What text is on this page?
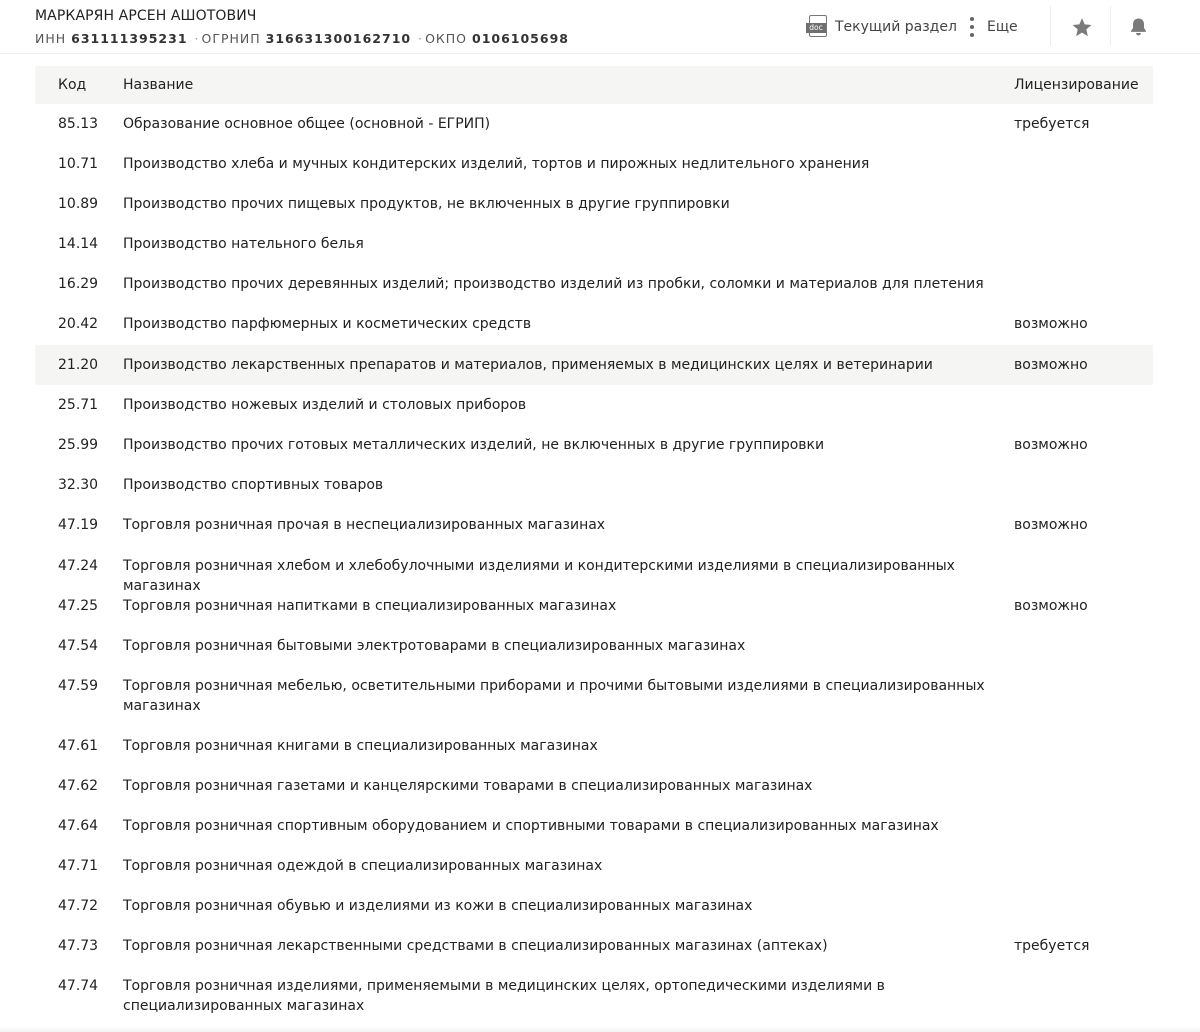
МАРКАРЯН АРСЕН АШОТОВИЧ
ИНН 631111395231 · ОГРНИП 316631300162710 · ОКПО 0106105698
doc Текущий раздел Еще
Код	Название	Лицензирование
85.13	Образование основное общее (основной - ЕГРИП)	требуется
10.71	Производство хлеба и мучных кондитерских изделий, тортов и пирожных недлительного хранения
10.89	Производство прочих пищевых продуктов, не включенных в другие группировки
14.14	Производство нательного белья
16.29	Производство прочих деревянных изделий; производство изделий из пробки, соломки и материалов для плетения
20.42	Производство парфюмерных и косметических средств	возможно
21.20	Производство лекарственных препаратов и материалов, применяемых в медицинских целях и ветеринарии	возможно
25.71	Производство ножевых изделий и столовых приборов
25.99	Производство прочих готовых металлических изделий, не включенных в другие группировки	возможно
32.30	Производство спортивных товаров
47.19	Торговля розничная прочая в неспециализированных магазинах	возможно
47.24	Торговля розничная хлебом и хлебобулочными изделиями и кондитерскими изделиями в специализированных магазинах
47.25	Торговля розничная напитками в специализированных магазинах	возможно
47.54	Торговля розничная бытовыми электротоварами в специализированных магазинах
47.59	Торговля розничная мебелью, осветительными приборами и прочими бытовыми изделиями в специализированных магазинах
47.61	Торговля розничная книгами в специализированных магазинах
47.62	Торговля розничная газетами и канцелярскими товарами в специализированных магазинах
47.64	Торговля розничная спортивным оборудованием и спортивными товарами в специализированных магазинах
47.71	Торговля розничная одеждой в специализированных магазинах
47.72	Торговля розничная обувью и изделиями из кожи в специализированных магазинах
47.73	Торговля розничная лекарственными средствами в специализированных магазинах (аптеках)	требуется
47.74	Торговля розничная изделиями, применяемыми в медицинских целях, ортопедическими изделиями в специализированных магазинах
